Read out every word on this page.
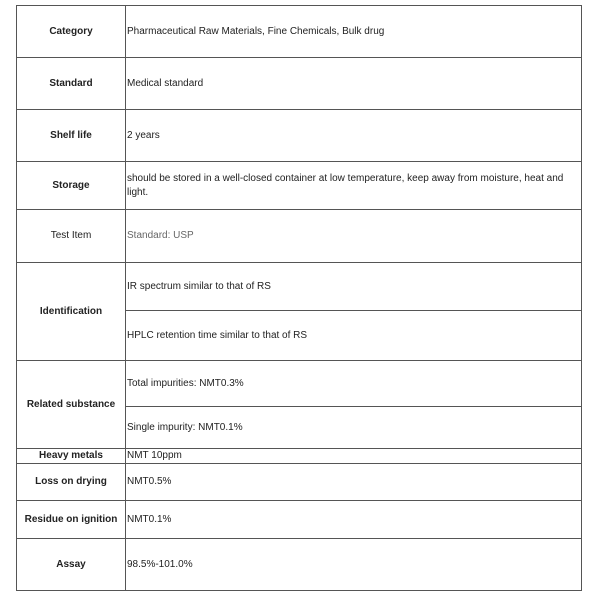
Category	Pharmaceutical Raw Materials, Fine Chemicals, Bulk drug
Standard	Medical standard
Shelf life	2 years
Storage	should be stored in a well-closed container at low temperature, keep away from moisture, heat and light.
Test Item	Standard: USP
Identification	IR spectrum similar to that of RS
	HPLC retention time similar to that of RS
Related substance	Total impurities: NMT0.3%
	Single impurity: NMT0.1%
Heavy metals	NMT 10ppm
Loss on drying	NMT0.5%
Residue on ignition	NMT0.1%
Assay	98.5%-101.0%
